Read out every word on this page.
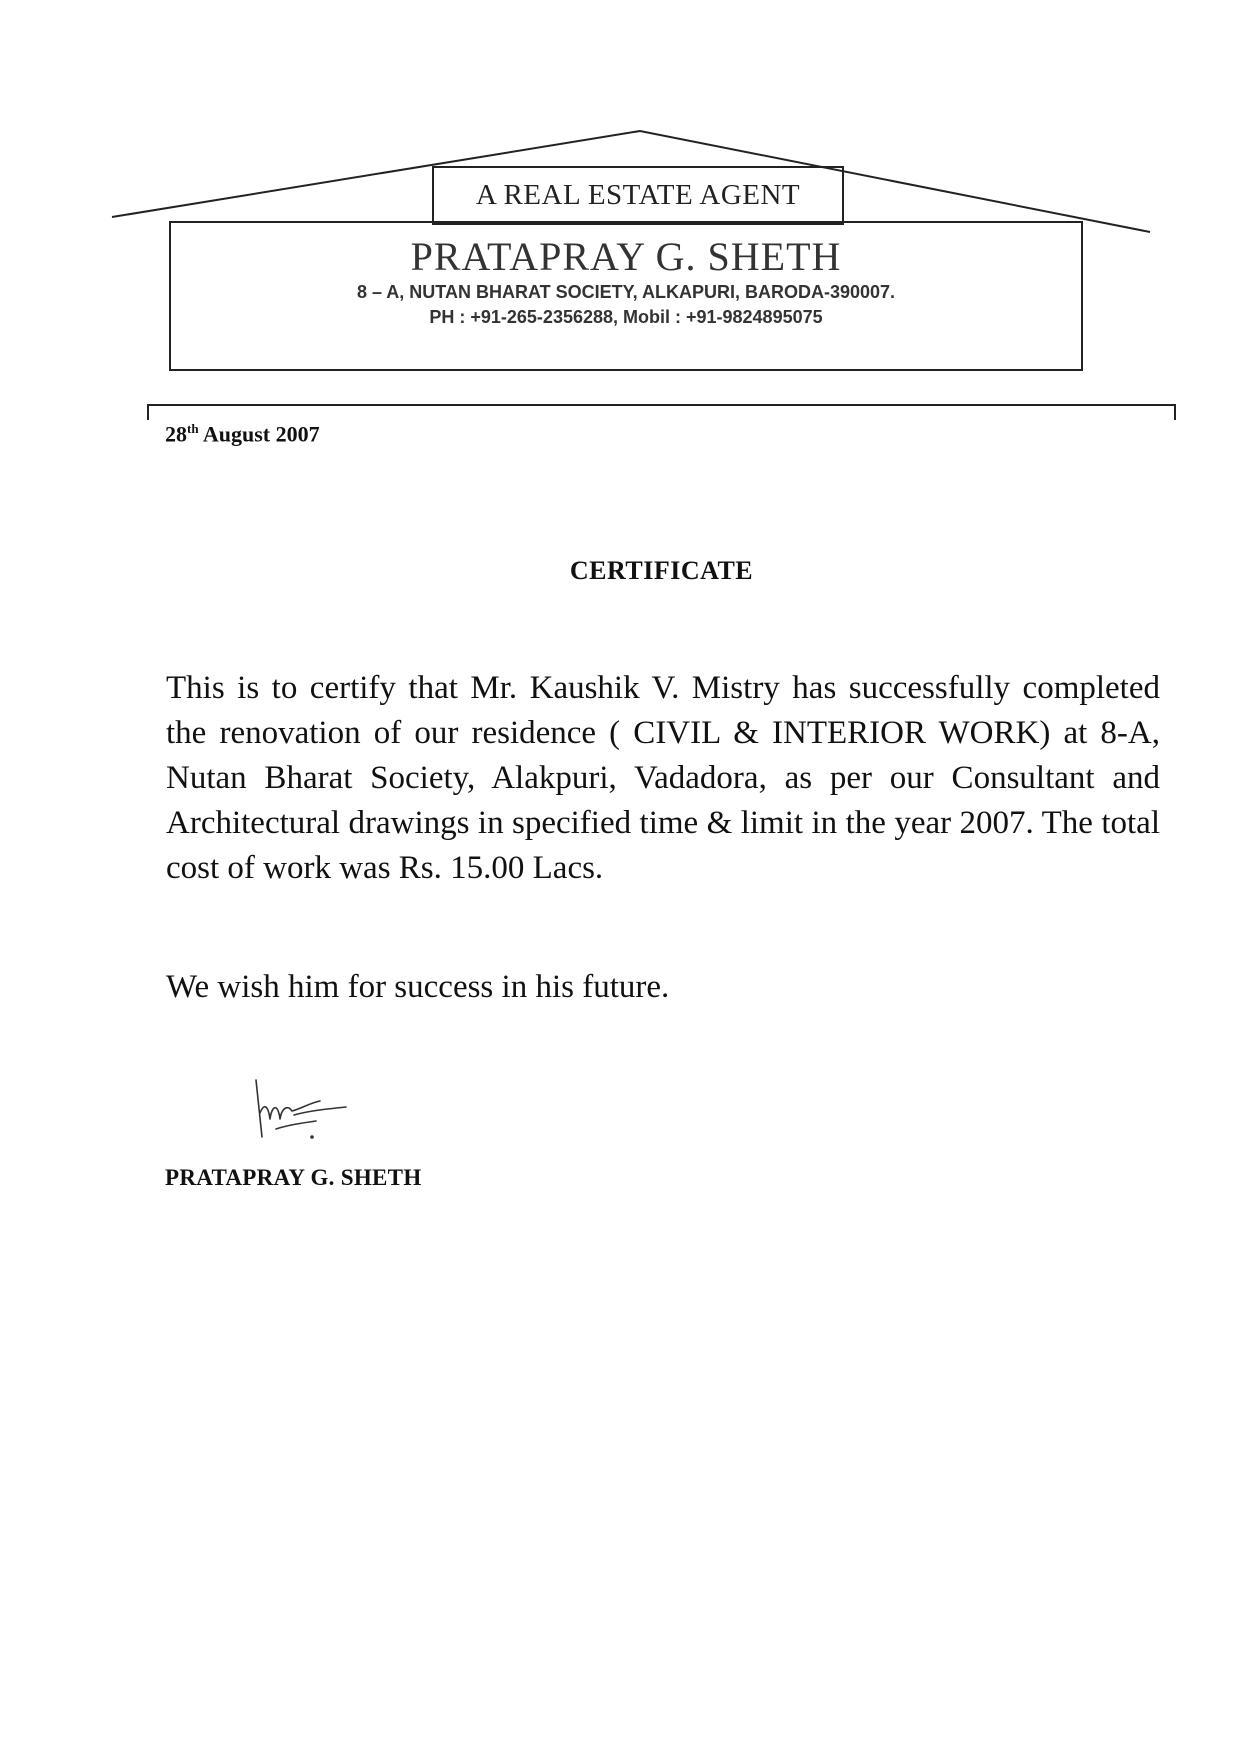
A REAL ESTATE AGENT
PRATAPRAY G. SHETH
8 – A, NUTAN BHARAT SOCIETY, ALKAPURI, BARODA-390007.
PH : +91-265-2356288, Mobil : +91-9824895075
28th August 2007
CERTIFICATE
This is to certify that Mr. Kaushik V. Mistry has successfully completed the renovation of our residence ( CIVIL & INTERIOR WORK) at 8-A, Nutan Bharat Society, Alakpuri, Vadadora, as per our Consultant and Architectural drawings in specified time & limit in the year 2007. The total cost of work was Rs. 15.00 Lacs.
We wish him for success in his future.
PRATAPRAY G. SHETH
